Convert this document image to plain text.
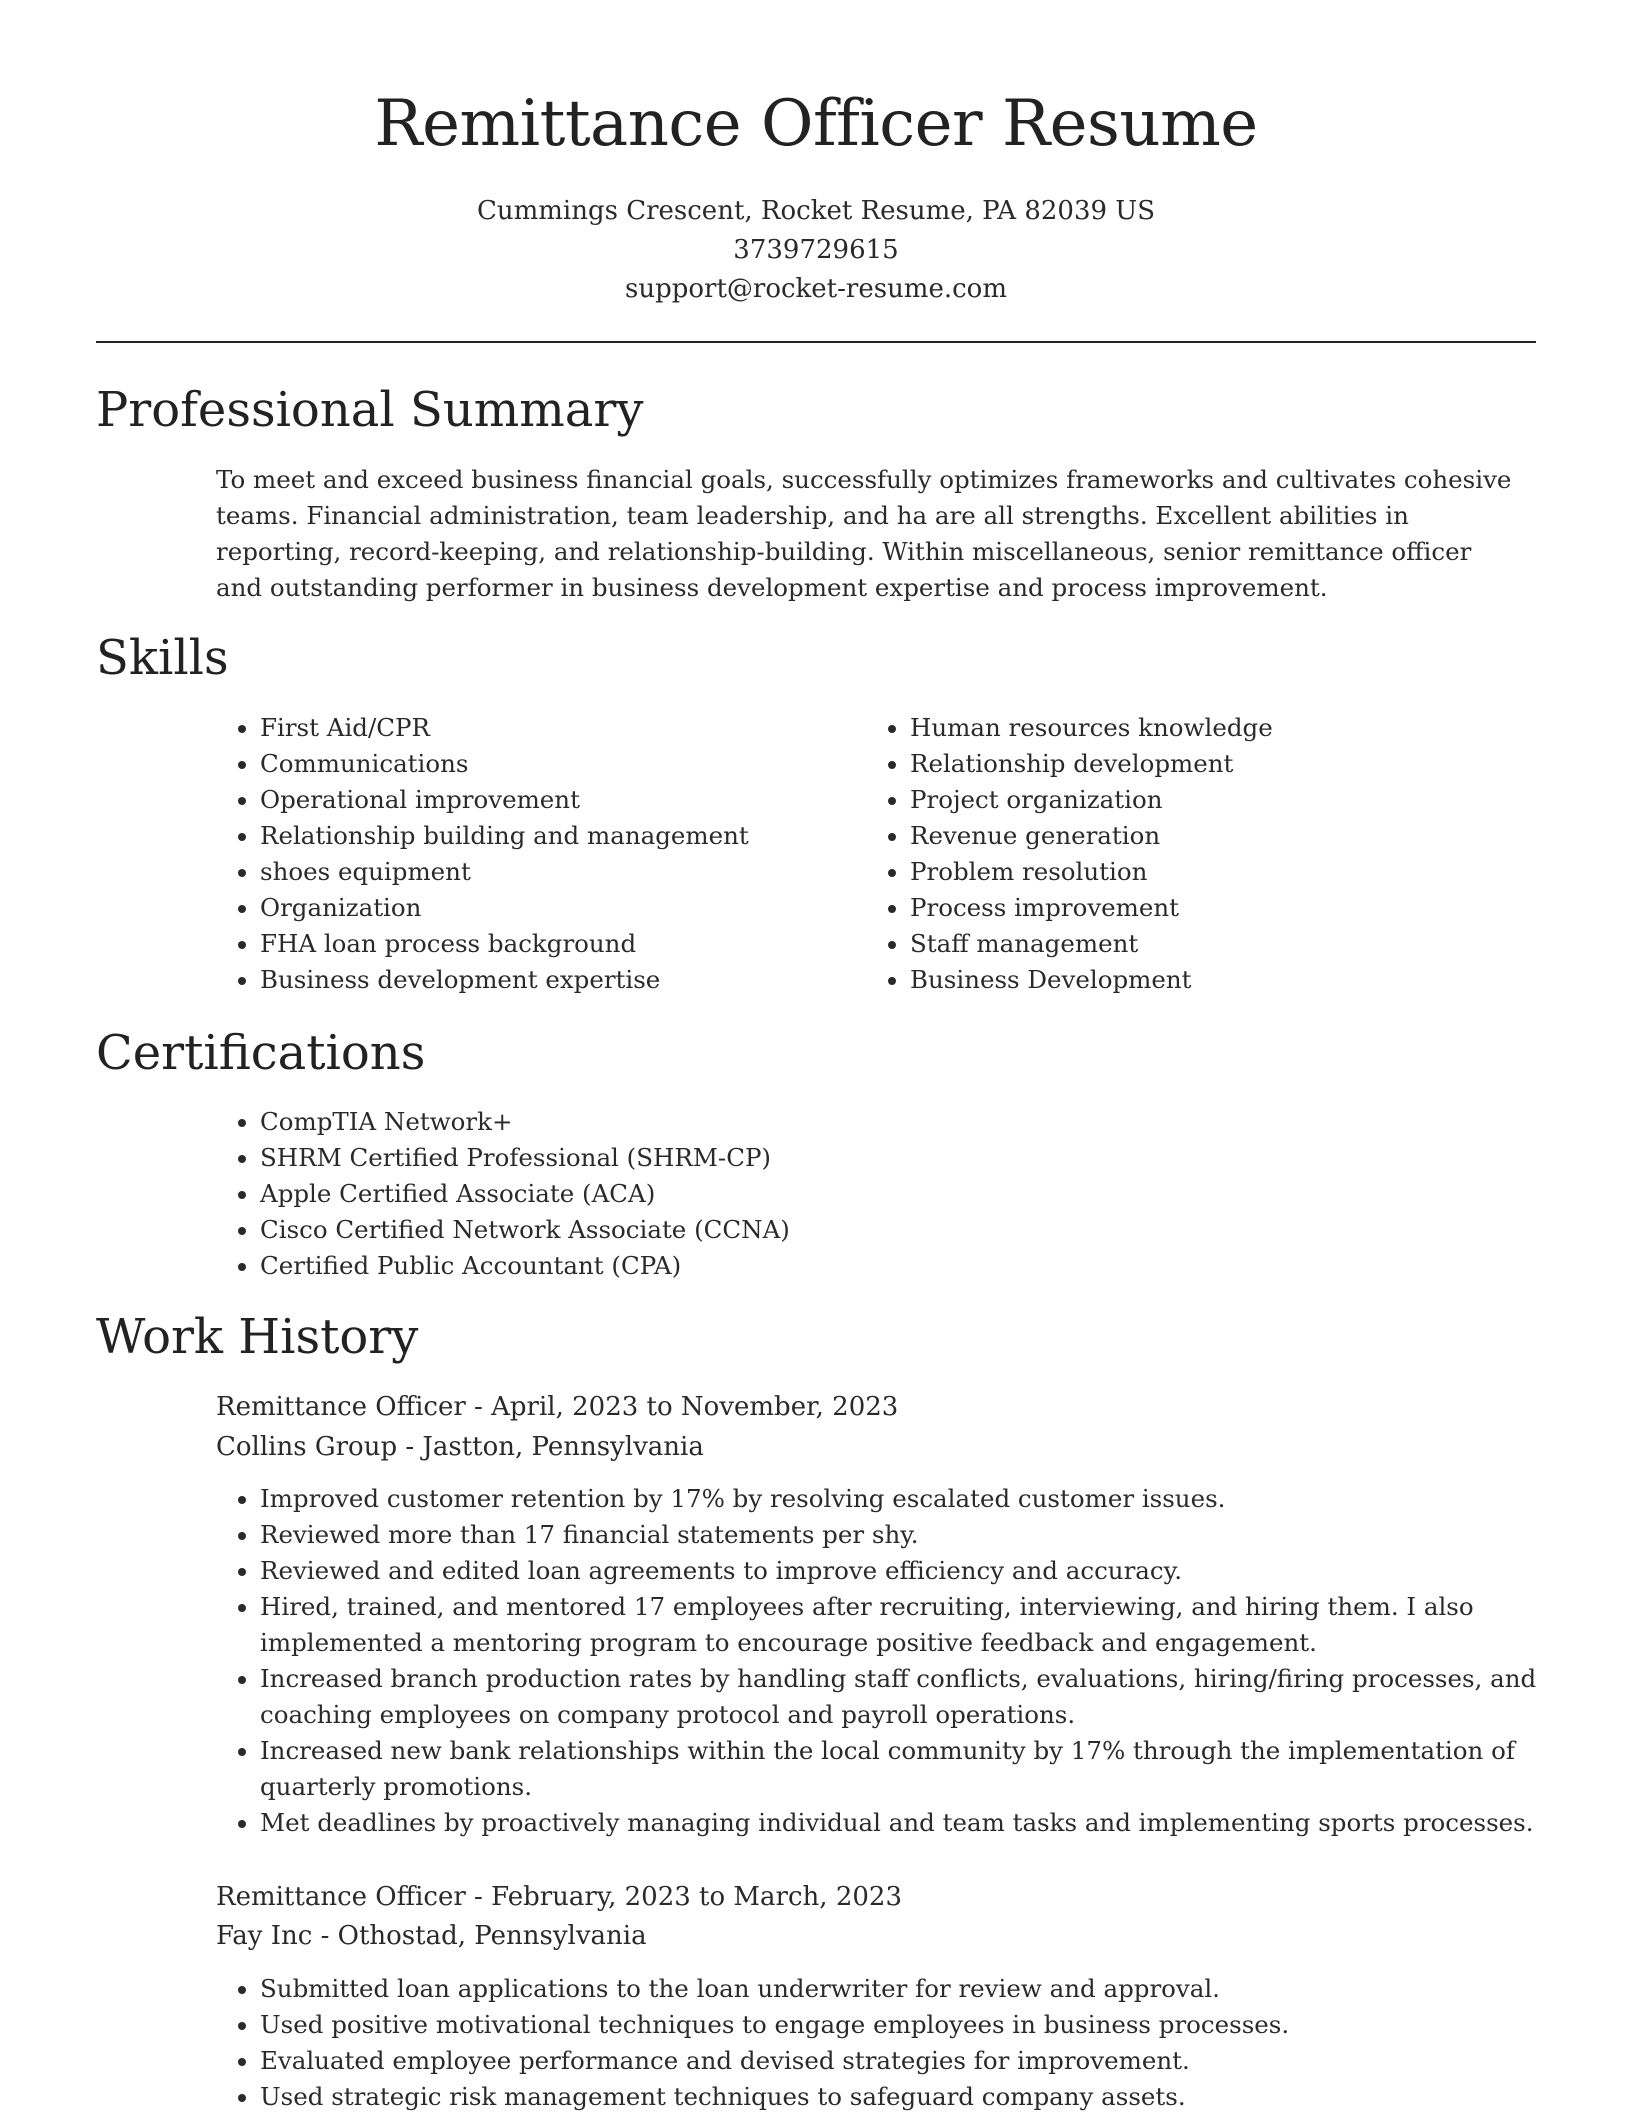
Remittance Officer Resume
Cummings Crescent, Rocket Resume, PA 82039 US
3739729615
support@rocket-resume.com
Professional Summary

To meet and exceed business financial goals, successfully optimizes frameworks and cultivates cohesive teams. Financial administration, team leadership, and ha are all strengths. Excellent abilities in reporting, record-keeping, and relationship-building. Within miscellaneous, senior remittance officer and outstanding performer in business development expertise and process improvement.

Skills
• First Aid/CPR
• Communications
• Operational improvement
• Relationship building and management
• shoes equipment
• Organization
• FHA loan process background
• Business development expertise
• Human resources knowledge
• Relationship development
• Project organization
• Revenue generation
• Problem resolution
• Process improvement
• Staff management
• Business Development
Certifications
• CompTIA Network+
• SHRM Certified Professional (SHRM-CP)
• Apple Certified Associate (ACA)
• Cisco Certified Network Associate (CCNA)
• Certified Public Accountant (CPA)
Work History
Remittance Officer - April, 2023 to November, 2023
Collins Group - Jastton, Pennsylvania
• Improved customer retention by 17% by resolving escalated customer issues.
• Reviewed more than 17 financial statements per shy.
• Reviewed and edited loan agreements to improve efficiency and accuracy.
• Hired, trained, and mentored 17 employees after recruiting, interviewing, and hiring them. I also implemented a mentoring program to encourage positive feedback and engagement.
• Increased branch production rates by handling staff conflicts, evaluations, hiring/firing processes, and coaching employees on company protocol and payroll operations.
• Increased new bank relationships within the local community by 17% through the implementation of quarterly promotions.
• Met deadlines by proactively managing individual and team tasks and implementing sports processes.
Remittance Officer - February, 2023 to March, 2023
Fay Inc - Othostad, Pennsylvania
• Submitted loan applications to the loan underwriter for review and approval.
• Used positive motivational techniques to engage employees in business processes.
• Evaluated employee performance and devised strategies for improvement.
• Used strategic risk management techniques to safeguard company assets.
